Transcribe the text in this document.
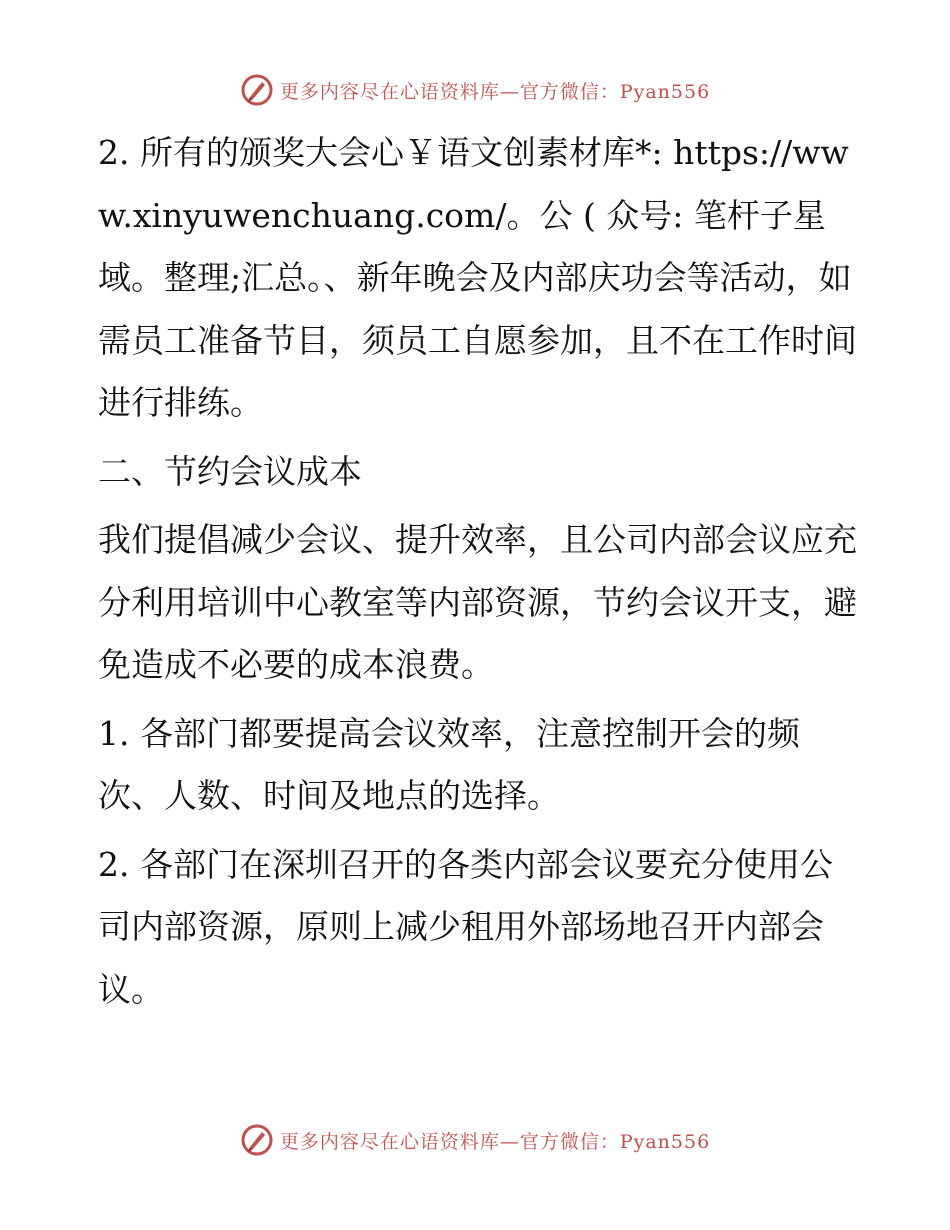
更多内容尽在心语资料库—官方微信：Pyan556

2. 所有的颁奖大会心￥语文创素材库*: https://www.xinyuwenchuang.com/。公 ( 众号: 笔杆子星域。整理;汇总。、新年晚会及内部庆功会等活动，如需员工准备节目，须员工自愿参加，且不在工作时间进行排练。

二、节约会议成本

我们提倡减少会议、提升效率，且公司内部会议应充分利用培训中心教室等内部资源，节约会议开支，避免造成不必要的成本浪费。

1. 各部门都要提高会议效率，注意控制开会的频次、人数、时间及地点的选择。

2. 各部门在深圳召开的各类内部会议要充分使用公司内部资源，原则上减少租用外部场地召开内部会议。

更多内容尽在心语资料库—官方微信：Pyan556
